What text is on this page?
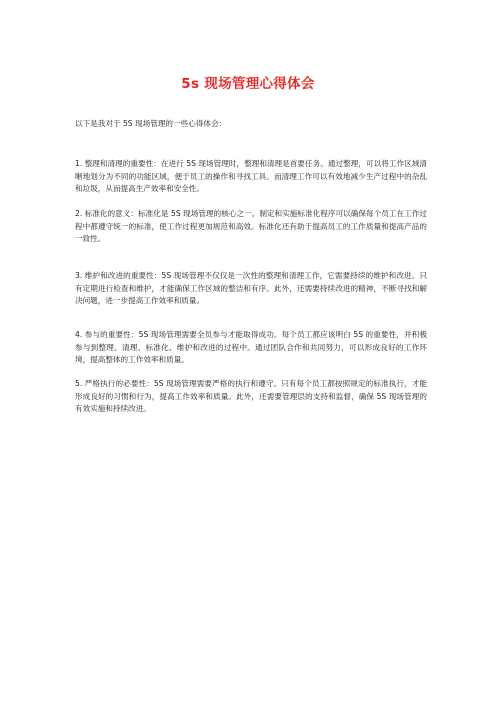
5s 现场管理心得体会
以下是我对于 5S 现场管理的一些心得体会：
1. 整理和清理的重要性：在进行 5S 现场管理时，整理和清理是首要任务。通过整理，可以将工作区域清晰地划分为不同的功能区域，便于员工的操作和寻找工具。而清理工作可以有效地减少生产过程中的杂乱和垃圾，从而提高生产效率和安全性。
2. 标准化的意义：标准化是 5S 现场管理的核心之一。制定和实施标准化程序可以确保每个员工在工作过程中都遵守统一的标准，使工作过程更加规范和高效。标准化还有助于提高员工的工作质量和提高产品的一致性。
3. 维护和改进的重要性：5S 现场管理不仅仅是一次性的整理和清理工作，它需要持续的维护和改进。只有定期进行检查和维护，才能确保工作区域的整洁和有序。此外，还需要持续改进的精神，不断寻找和解决问题，进一步提高工作效率和质量。
4. 参与的重要性：5S 现场管理需要全员参与才能取得成功。每个员工都应该明白 5S 的重要性，并积极参与到整理、清理、标准化、维护和改进的过程中。通过团队合作和共同努力，可以形成良好的工作环境，提高整体的工作效率和质量。
5. 严格执行的必要性：5S 现场管理需要严格的执行和遵守。只有每个员工都按照规定的标准执行，才能形成良好的习惯和行为，提高工作效率和质量。此外，还需要管理层的支持和监督，确保 5S 现场管理的有效实施和持续改进。
